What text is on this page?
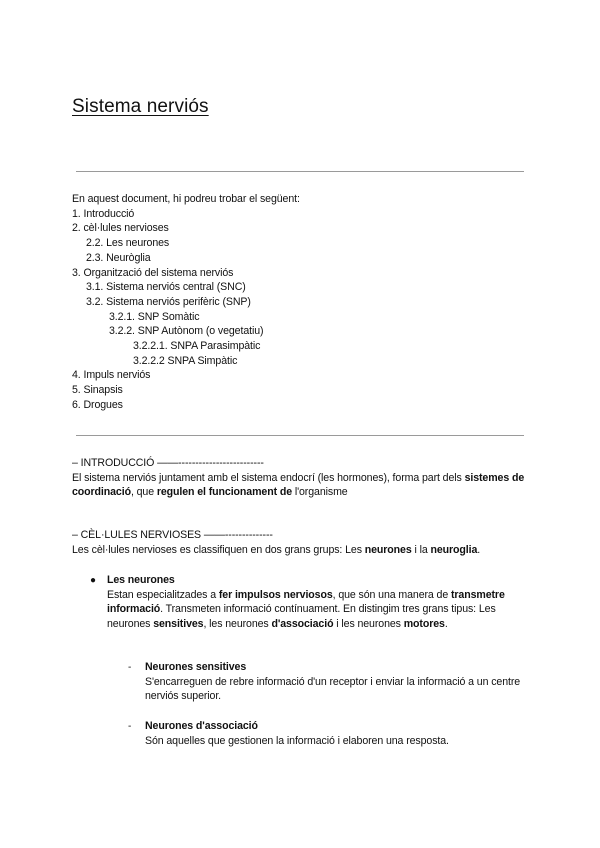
Sistema nerviós
En aquest document, hi podreu trobar el següent:
1. Introducció
2. cèl·lules nervioses
2.2. Les neurones
2.3. Neuròglia
3. Organització del sistema nerviós
3.1. Sistema nerviós central (SNC)
3.2. Sistema nerviós perifèric (SNP)
3.2.1. SNP Somàtic
3.2.2. SNP Autònom (o vegetatiu)
3.2.2.1. SNPA Parasimpàtic
3.2.2.2 SNPA Simpàtic
4. Impuls nerviós
5. Sinapsis
6. Drogues
– INTRODUCCIÓ ——-------------------------

El sistema nerviós juntament amb el sistema endocrí (les hormones), forma part dels sistemes de coordinació, que regulen el funcionament de l'organisme

– CÈL·LULES NERVIOSES ——--------------

Les cèl·lules nervioses es classifiquen en dos grans grups: Les neurones i la neuroglia.

●	Les neurones

Estan especialitzades a fer impulsos nerviosos, que són una manera de transmetre informació. Transmeten informació contínuament. En distingim tres grans tipus: Les neurones sensitives, les neurones d'associació i les neurones motores.

-	Neurones sensitives
S'encarreguen de rebre informació d'un receptor i enviar la informació a un centre nerviós superior.
-	Neurones d'associació
Són aquelles que gestionen la informació i elaboren una resposta.
